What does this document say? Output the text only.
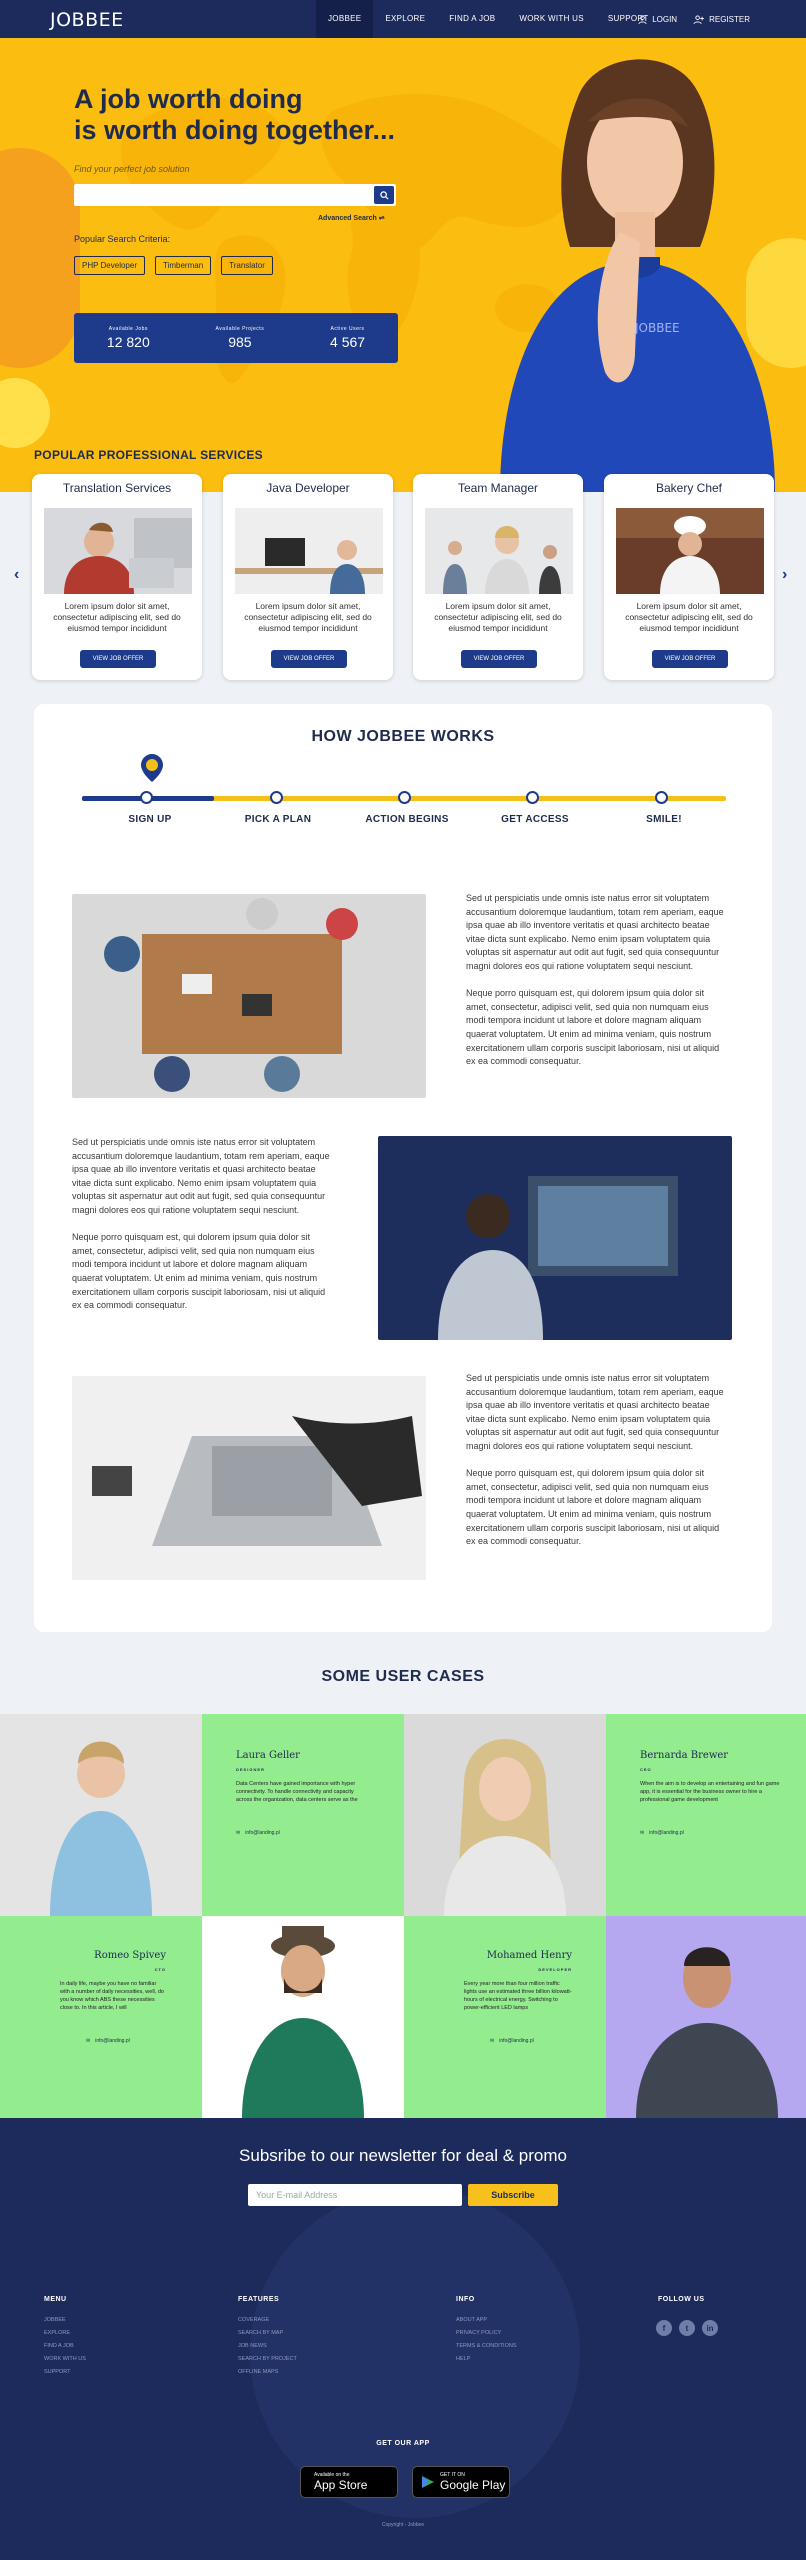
JOBBEE	JOBBEE	EXPLORE	FIND A JOB	WORK WITH US	SUPPORT LOGIN	REGISTER
A job worth doing
is worth doing together...
Find your perfect job solution
Advanced Search ⇌
Popular Search Criteria:
PHP Developer	Timberman	Translator
Available Jobs
12 820
Available Projects
985
Active Users
4 567
JOBBEE
POPULAR PROFESSIONAL SERVICES
‹	›
Translation Services
Lorem ipsum dolor sit amet, consectetur adipiscing elit, sed do eiusmod tempor incididunt
VIEW JOB OFFER
Java Developer
Lorem ipsum dolor sit amet, consectetur adipiscing elit, sed do eiusmod tempor incididunt
VIEW JOB OFFER
Team Manager
Lorem ipsum dolor sit amet, consectetur adipiscing elit, sed do eiusmod tempor incididunt
VIEW JOB OFFER
Bakery Chef
Lorem ipsum dolor sit amet, consectetur adipiscing elit, sed do eiusmod tempor incididunt
VIEW JOB OFFER
HOW JOBBEE WORKS
SIGN UP	PICK A PLAN	ACTION BEGINS	GET ACCESS	SMILE!
Sed ut perspiciatis unde omnis iste natus error sit voluptatem accusantium doloremque laudantium, totam rem aperiam, eaque ipsa quae ab illo inventore veritatis et quasi architecto beatae vitae dicta sunt explicabo. Nemo enim ipsam voluptatem quia voluptas sit aspernatur aut odit aut fugit, sed quia consequuntur magni dolores eos qui ratione voluptatem sequi nesciunt.

Neque porro quisquam est, qui dolorem ipsum quia dolor sit amet, consectetur, adipisci velit, sed quia non numquam eius modi tempora incidunt ut labore et dolore magnam aliquam quaerat voluptatem. Ut enim ad minima veniam, quis nostrum exercitationem ullam corporis suscipit laboriosam, nisi ut aliquid ex ea commodi consequatur.
Sed ut perspiciatis unde omnis iste natus error sit voluptatem accusantium doloremque laudantium, totam rem aperiam, eaque ipsa quae ab illo inventore veritatis et quasi architecto beatae vitae dicta sunt explicabo. Nemo enim ipsam voluptatem quia voluptas sit aspernatur aut odit aut fugit, sed quia consequuntur magni dolores eos qui ratione voluptatem sequi nesciunt.

Neque porro quisquam est, qui dolorem ipsum quia dolor sit amet, consectetur, adipisci velit, sed quia non numquam eius modi tempora incidunt ut labore et dolore magnam aliquam quaerat voluptatem. Ut enim ad minima veniam, quis nostrum exercitationem ullam corporis suscipit laboriosam, nisi ut aliquid ex ea commodi consequatur.
Sed ut perspiciatis unde omnis iste natus error sit voluptatem accusantium doloremque laudantium, totam rem aperiam, eaque ipsa quae ab illo inventore veritatis et quasi architecto beatae vitae dicta sunt explicabo. Nemo enim ipsam voluptatem quia voluptas sit aspernatur aut odit aut fugit, sed quia consequuntur magni dolores eos qui ratione voluptatem sequi nesciunt.

Neque porro quisquam est, qui dolorem ipsum quia dolor sit amet, consectetur, adipisci velit, sed quia non numquam eius modi tempora incidunt ut labore et dolore magnam aliquam quaerat voluptatem. Ut enim ad minima veniam, quis nostrum exercitationem ullam corporis suscipit laboriosam, nisi ut aliquid ex ea commodi consequatur.
SOME USER CASES
Laura Geller
DESIGNER
Data Centers have gained importance with hyper connectivity. To handle connectivity and capacity across the organization, data centers serve as the
✉ info@landing.pl
Bernarda Brewer
CEO
When the aim is to develop an entertaining and fun game app, it is essential for the business owner to hire a professional game development
✉ info@landing.pl
Romeo Spivey
CTO
In daily life, maybe you have no familiar with a number of daily necessities, well, do you know which ABS these necessities close to. In this article, I will
✉ info@landing.pl
Mohamed Henry
DEVELOPER
Every year more than four million traffic lights use an estimated three billion kilowatt-hours of electrical energy. Switching to power-efficient LED lamps
✉ info@landing.pl
Subsribe to our newsletter for deal & promo
Your E-mail Address	Subscribe
MENU
JOBBEE
EXPLORE
FIND A JOB
WORK WITH US
SUPPORT
FEATURES
COVERAGE
SEARCH BY MAP
JOB NEWS
SEARCH BY PROJECT
OFFLINE MAPS
INFO
ABOUT APP
PRIVACY POLICY
TERMS & CONDITIONS
HELP
FOLLOW US
f	t	in
GET OUR APP
Available on the
App Store
GET IT ON
Google Play
Copyright - Jobbee
